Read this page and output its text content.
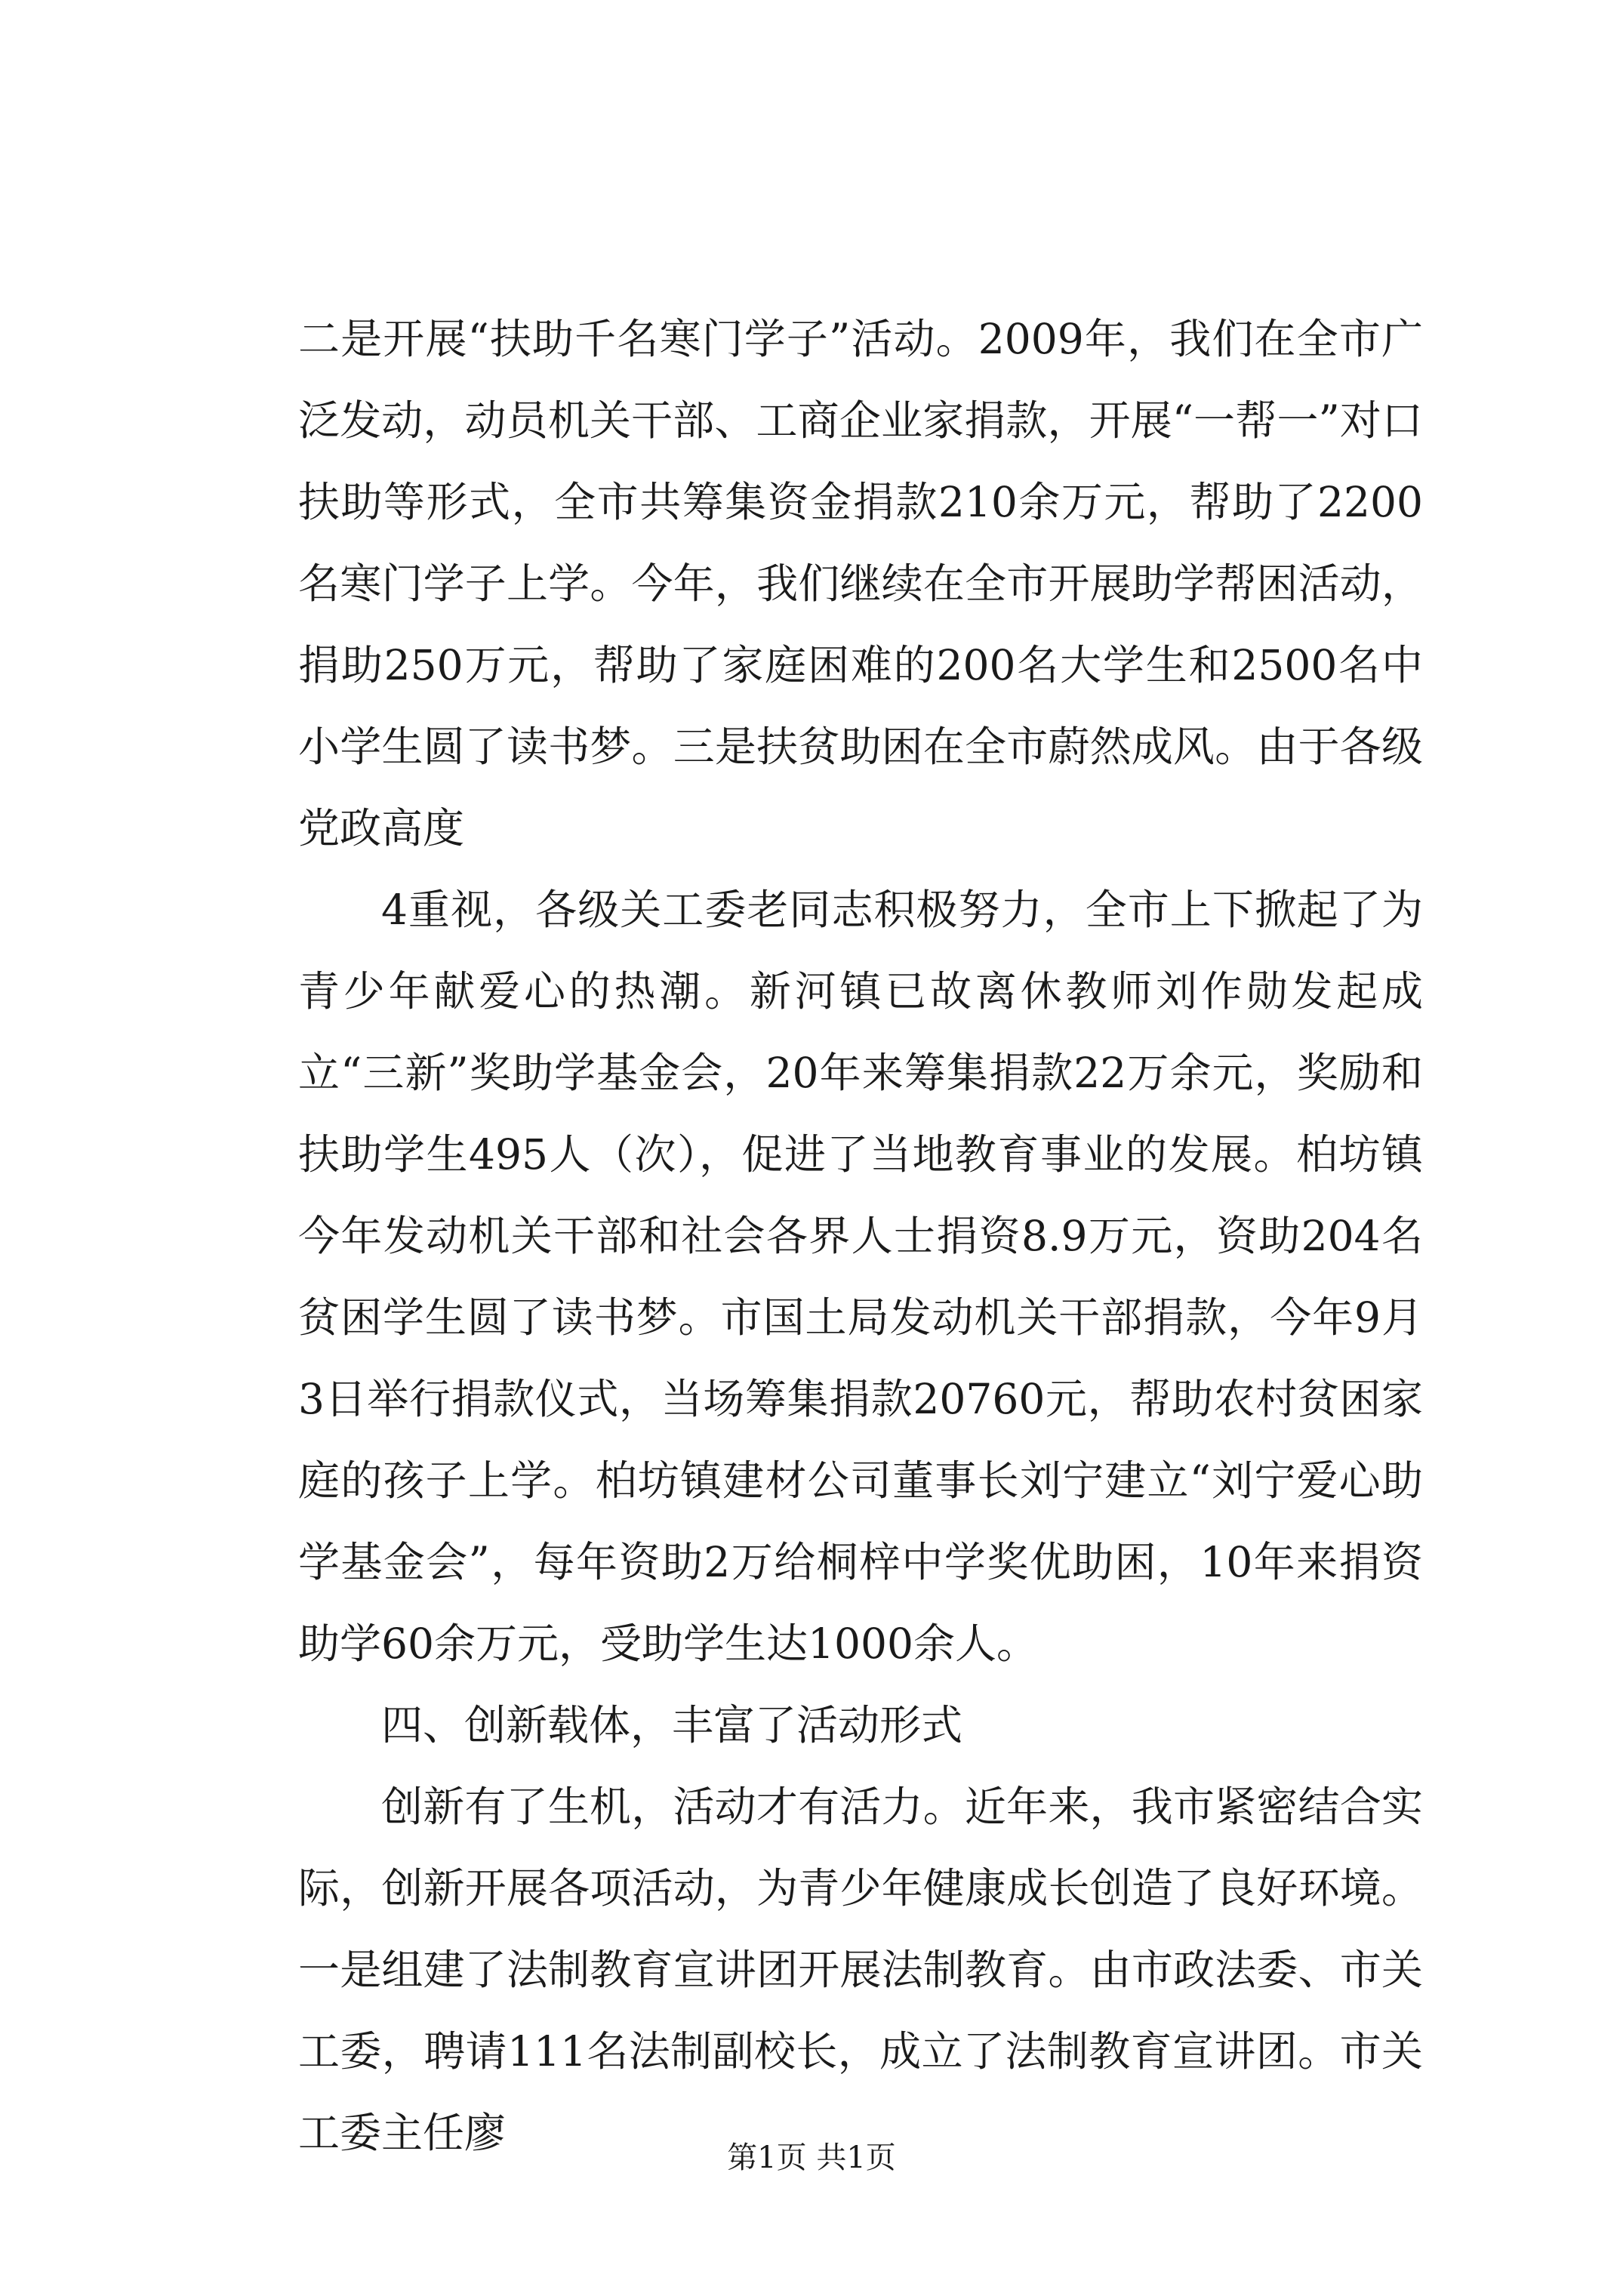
二是开展“扶助千名寒门学子”活动。2009年，我们在全市广泛发动，动员机关干部、工商企业家捐款，开展“一帮一”对口扶助等形式，全市共筹集资金捐款210余万元，帮助了2200名寒门学子上学。今年，我们继续在全市开展助学帮困活动，捐助250万元，帮助了家庭困难的200名大学生和2500名中小学生圆了读书梦。三是扶贫助困在全市蔚然成风。由于各级党政高度

4重视，各级关工委老同志积极努力，全市上下掀起了为青少年献爱心的热潮。新河镇已故离休教师刘作勋发起成立“三新”奖助学基金会，20年来筹集捐款22万余元，奖励和扶助学生495人（次），促进了当地教育事业的发展。柏坊镇今年发动机关干部和社会各界人士捐资8.9万元，资助204名贫困学生圆了读书梦。市国土局发动机关干部捐款，今年9月3日举行捐款仪式，当场筹集捐款20760元，帮助农村贫困家庭的孩子上学。柏坊镇建材公司董事长刘宁建立“刘宁爱心助学基金会”，每年资助2万给桐梓中学奖优助困，10年来捐资助学60余万元，受助学生达1000余人。

四、创新载体，丰富了活动形式

创新有了生机，活动才有活力。近年来，我市紧密结合实际，创新开展各项活动，为青少年健康成长创造了良好环境。一是组建了法制教育宣讲团开展法制教育。由市政法委、市关工委，聘请111名法制副校长，成立了法制教育宣讲团。市关工委主任廖

第1页 共1页
